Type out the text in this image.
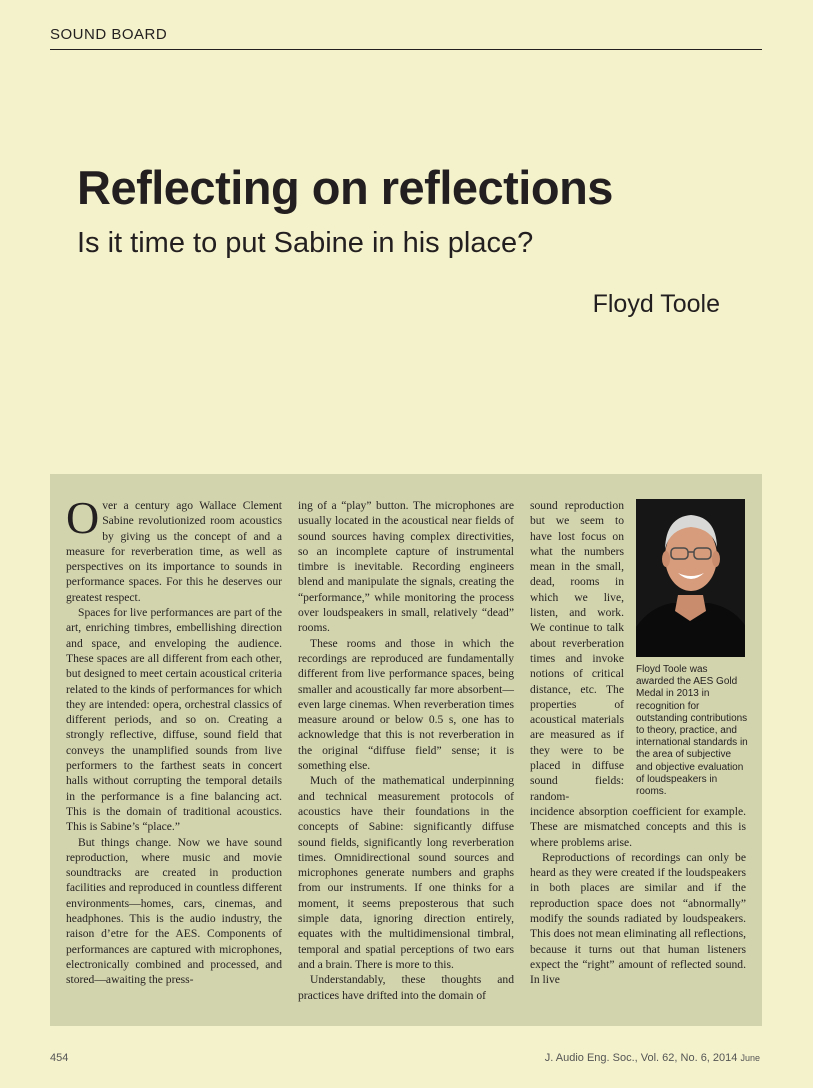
SOUND BOARD
Reflecting on reflections
Is it time to put Sabine in his place?
Floyd Toole

Over a century ago Wallace Clement Sabine revolutionized room acoustics by giving us the concept of and a measure for reverberation time, as well as perspectives on its importance to sounds in performance spaces. For this he deserves our greatest respect.

Spaces for live performances are part of the art, enriching timbres, embellishing direction and space, and enveloping the audience. These spaces are all different from each other, but designed to meet certain acoustical criteria related to the kinds of performances for which they are intended: opera, orchestral classics of different periods, and so on. Creating a strongly reflective, diffuse, sound field that conveys the unamplified sounds from live performers to the farthest seats in concert halls without corrupting the temporal details in the performance is a fine balancing act. This is the domain of traditional acoustics. This is Sabine’s “place.”

But things change. Now we have sound reproduction, where music and movie soundtracks are created in production facilities and reproduced in countless different environments—homes, cars, cinemas, and headphones. This is the audio industry, the raison d’etre for the AES. Components of performances are captured with microphones, electronically combined and processed, and stored—awaiting the press-

ing of a “play” button. The microphones are usually located in the acoustical near fields of sound sources having complex directivities, so an incomplete capture of instrumental timbre is inevitable. Recording engineers blend and manipulate the signals, creating the “performance,” while monitoring the process over loudspeakers in small, relatively “dead” rooms.

These rooms and those in which the recordings are reproduced are fundamentally different from live performance spaces, being smaller and acoustically far more absorbent—even large cinemas. When reverberation times measure around or below 0.5 s, one has to acknowledge that this is not reverberation in the original “diffuse field” sense; it is something else.

Much of the mathematical underpinning and technical measurement protocols of acoustics have their foundations in the concepts of Sabine: significantly diffuse sound fields, significantly long reverberation times. Omnidirectional sound sources and microphones generate numbers and graphs from our instruments. If one thinks for a moment, it seems preposterous that such simple data, ignoring direction entirely, equates with the multidimensional timbral, temporal and spatial perceptions of two ears and a brain. There is more to this.

Understandably, these thoughts and practices have drifted into the domain of

sound reproduction but we seem to have lost focus on what the numbers mean in the small, dead, rooms in which we live, listen, and work. We continue to talk about reverberation times and invoke notions of critical distance, etc. The properties of acoustical materials are measured as if they were to be placed in diffuse sound fields: random-

Floyd Toole was awarded the AES Gold Medal in 2013 in recognition for outstanding contributions to theory, practice, and international standards in the area of subjective and objective evaluation of loudspeakers in rooms.

incidence absorption coefficient for example. These are mismatched concepts and this is where problems arise.

Reproductions of recordings can only be heard as they were created if the loudspeakers in both places are similar and if the reproduction space does not “abnormally” modify the sounds radiated by loudspeakers. This does not mean eliminating all reflections, because it turns out that human listeners expect the “right” amount of reflected sound. In live

454	J. Audio Eng. Soc., Vol. 62, No. 6, 2014 June
